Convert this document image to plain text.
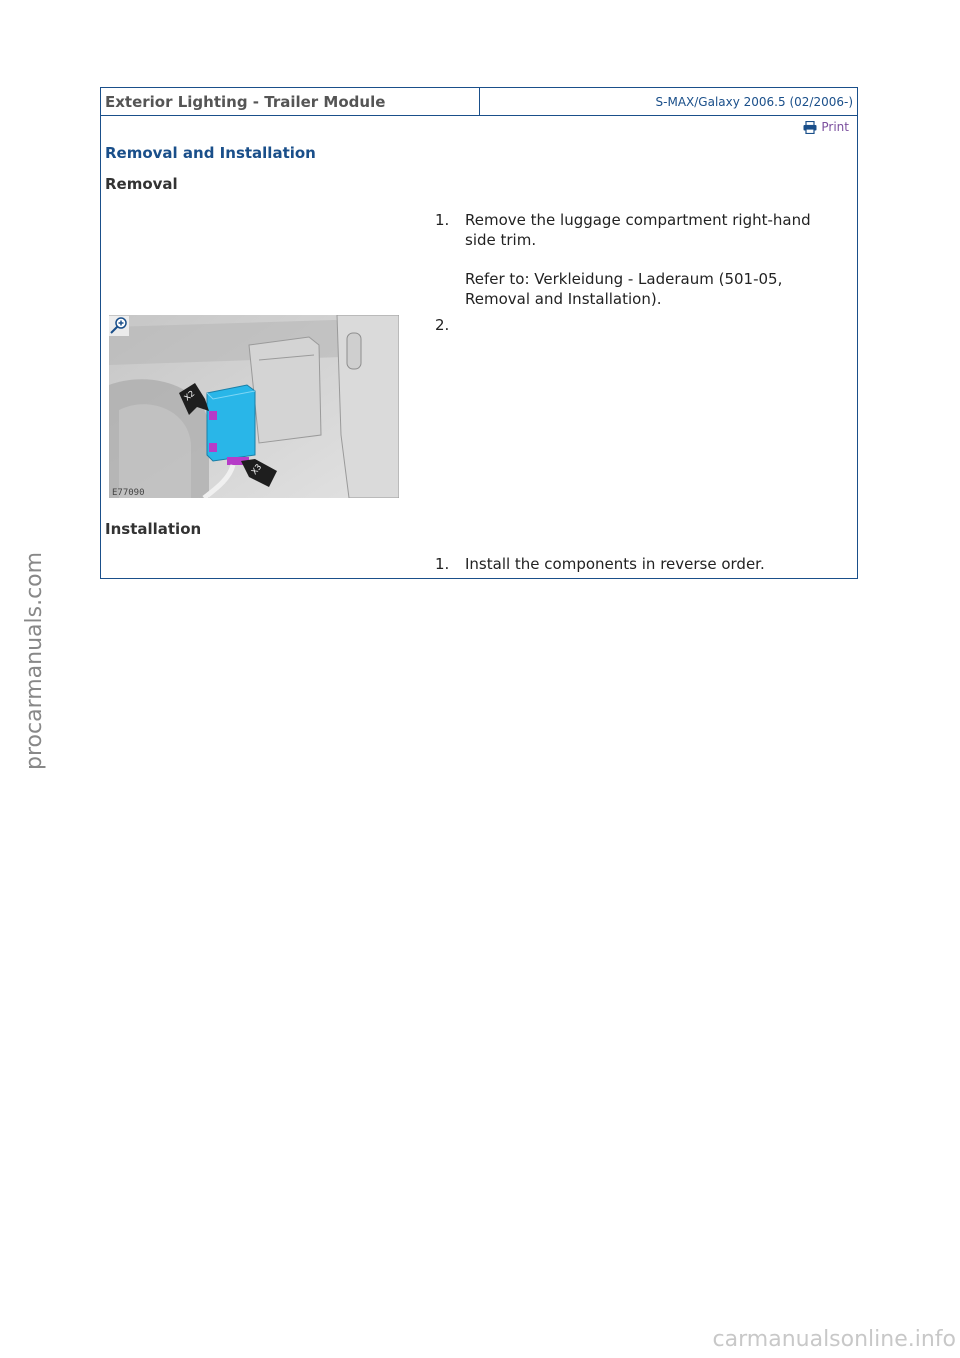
Exterior Lighting - Trailer Module	S-MAX/Galaxy 2006.5 (02/2006-)
Print
Removal and Installation
Removal
1.	Remove the luggage compartment right-hand side trim.

Refer to: Verkleidung - Laderaum (501-05, Removal and Installation).

X2
X3
E77090
2.
Installation
1.	Install the components in reverse order.

procarmanuals.com
carmanualsonline.info
